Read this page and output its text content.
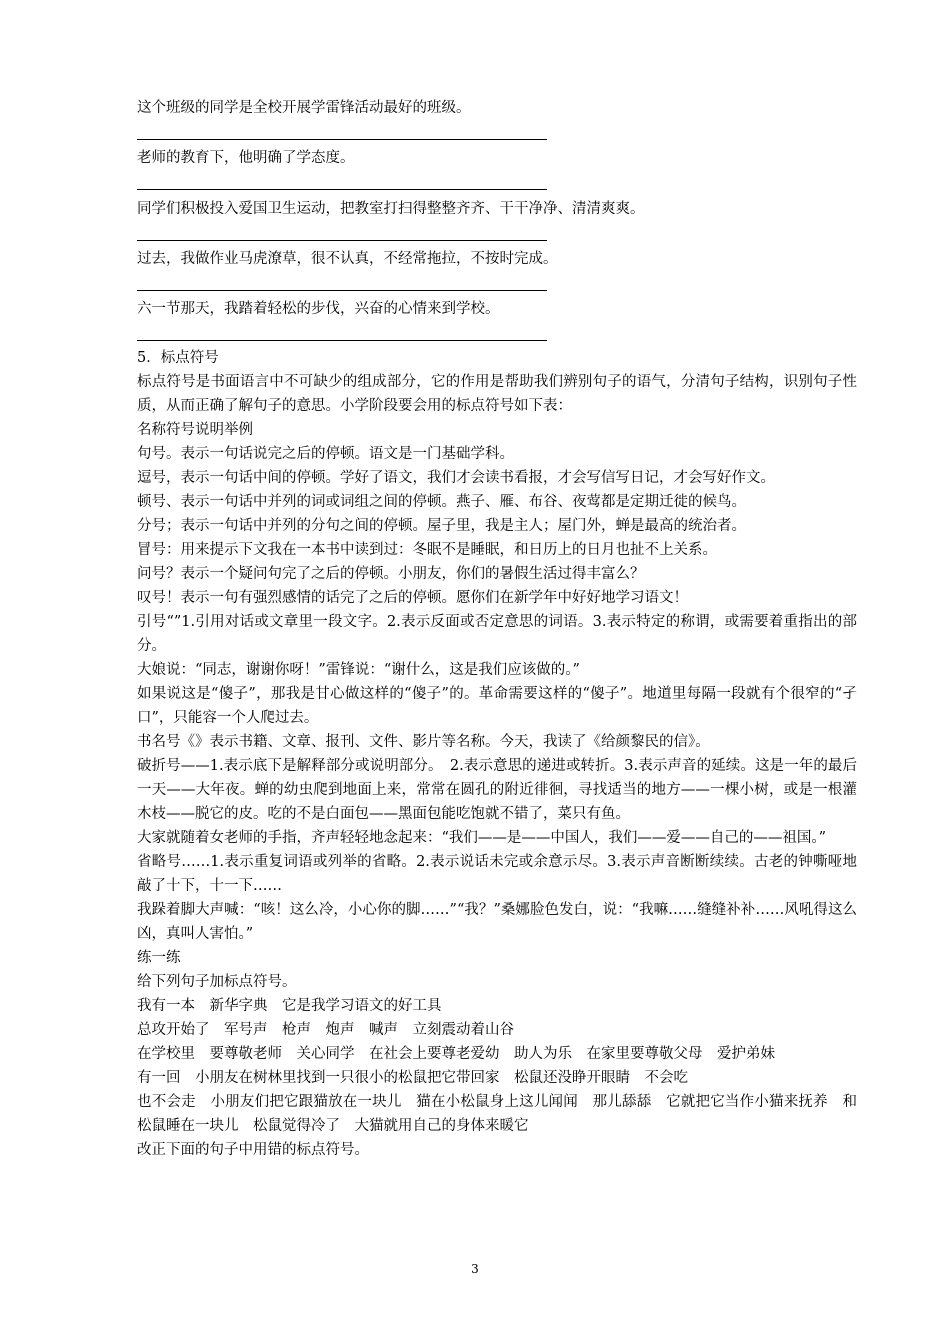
这个班级的同学是全校开展学雷锋活动最好的班级。
老师的教育下，他明确了学态度。
同学们积极投入爱国卫生运动，把教室打扫得整整齐齐、干干净净、清清爽爽。
过去，我做作业马虎潦草，很不认真，不经常拖拉，不按时完成。
六一节那天，我踏着轻松的步伐，兴奋的心情来到学校。
5．标点符号
标点符号是书面语言中不可缺少的组成部分，它的作用是帮助我们辨别句子的语气，分清句子结构，识别句子性质，从而正确了解句子的意思。小学阶段要会用的标点符号如下表：
名称符号说明举例
句号。表示一句话说完之后的停顿。语文是一门基础学科。
逗号，表示一句话中间的停顿。学好了语文，我们才会读书看报，才会写信写日记，才会写好作文。
顿号、表示一句话中并列的词或词组之间的停顿。燕子、雁、布谷、夜莺都是定期迁徙的候鸟。
分号；表示一句话中并列的分句之间的停顿。屋子里，我是主人；屋门外，蝉是最高的统治者。
冒号：用来提示下文我在一本书中读到过：冬眠不是睡眠，和日历上的日月也扯不上关系。
问号？表示一个疑问句完了之后的停顿。小朋友，你们的暑假生活过得丰富么？
叹号！表示一句有强烈感情的话完了之后的停顿。愿你们在新学年中好好地学习语文！
引号“”1.引用对话或文章里一段文字。2.表示反面或否定意思的词语。3.表示特定的称谓，或需要着重指出的部分。
大娘说：“同志，谢谢你呀！”雷锋说：“谢什么，这是我们应该做的。”
如果说这是“傻子”，那我是甘心做这样的“傻子”的。革命需要这样的“傻子”。地道里每隔一段就有个很窄的“孑口”，只能容一个人爬过去。
书名号《》表示书籍、文章、报刊、文件、影片等名称。今天，我读了《给颜黎民的信》。
破折号——1.表示底下是解释部分或说明部分。　2.表示意思的递进或转折。3.表示声音的延续。这是一年的最后一天——大年夜。蝉的幼虫爬到地面上来，常常在圆孔的附近徘徊，寻找适当的地方——一棵小树，或是一根灌木枝——脱它的皮。吃的不是白面包——黑面包能吃饱就不错了，菜只有鱼。
大家就随着女老师的手指，齐声轻轻地念起来：“我们——是——中国人，我们——爱——自己的——祖国。”
省略号……1.表示重复词语或列举的省略。2.表示说话未完或余意示尽。3.表示声音断断续续。古老的钟嘶哑地敲了十下，十一下……
我跺着脚大声喊：“咳！这么冷，小心你的脚……”“我？”桑娜脸色发白，说：“我嘛……缝缝补补……风吼得这么凶，真叫人害怕。”
练一练
给下列句子加标点符号。
我有一本　新华字典　它是我学习语文的好工具
总攻开始了　军号声　枪声　炮声　喊声　立刻震动着山谷
在学校里　要尊敬老师　关心同学　在社会上要尊老爱幼　助人为乐　在家里要尊敬父母　爱护弟妹
有一回　小朋友在树林里找到一只很小的松鼠把它带回家　松鼠还没睁开眼睛　不会吃
也不会走　小朋友们把它跟猫放在一块儿　猫在小松鼠身上这儿闻闻　那儿舔舔　它就把它当作小猫来抚养　和松鼠睡在一块儿　松鼠觉得冷了　大猫就用自己的身体来暖它
改正下面的句子中用错的标点符号。
3
